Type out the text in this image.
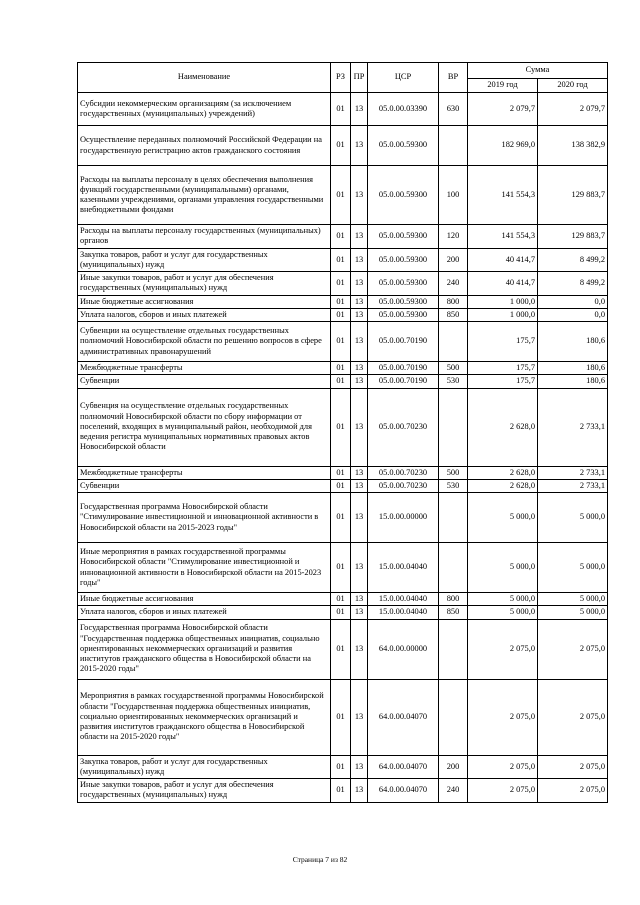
Наименование	РЗ	ПР	ЦСР	ВР	Сумма	
					2019 год	2020 год
Субсидии некоммерческим организациям (за исключением государственных (муниципальных) учреждений)	01	13	05.0.00.03390	630	2 079,7	2 079,7
Осуществление переданных полномочий Российской Федерации на государственную регистрацию актов гражданского состояния	01	13	05.0.00.59300		182 969,0	138 382,9
Расходы на выплаты персоналу в целях обеспечения выполнения функций государственными (муниципальными) органами, казенными учреждениями, органами управления государственными внебюджетными фондами	01	13	05.0.00.59300	100	141 554,3	129 883,7
Расходы на выплаты персоналу государственных (муниципальных) органов	01	13	05.0.00.59300	120	141 554,3	129 883,7
Закупка товаров, работ и услуг для государственных (муниципальных) нужд	01	13	05.0.00.59300	200	40 414,7	8 499,2
Иные закупки товаров, работ и услуг для обеспечения государственных (муниципальных) нужд	01	13	05.0.00.59300	240	40 414,7	8 499,2
Иные бюджетные ассигнования	01	13	05.0.00.59300	800	1 000,0	0,0
Уплата налогов, сборов и иных платежей	01	13	05.0.00.59300	850	1 000,0	0,0
Субвенции на осуществление отдельных государственных полномочий Новосибирской области по решению вопросов в сфере административных правонарушений	01	13	05.0.00.70190		175,7	180,6
Межбюджетные трансферты	01	13	05.0.00.70190	500	175,7	180,6
Субвенции	01	13	05.0.00.70190	530	175,7	180,6
Субвенция на осуществление отдельных государственных полномочий Новосибирской области по сбору информации от поселений, входящих в муниципальный район, необходимой для ведения регистра муниципальных нормативных правовых актов Новосибирской области	01	13	05.0.00.70230		2 628,0	2 733,1
Межбюджетные трансферты	01	13	05.0.00.70230	500	2 628,0	2 733,1
Субвенции	01	13	05.0.00.70230	530	2 628,0	2 733,1
Государственная программа Новосибирской области "Стимулирование инвестиционной и инновационной активности в Новосибирской области на 2015-2023 годы"	01	13	15.0.00.00000		5 000,0	5 000,0
Иные мероприятия в рамках государственной программы Новосибирской области "Стимулирование инвестиционной и инновационной активности в Новосибирской области на 2015-2023 годы"	01	13	15.0.00.04040		5 000,0	5 000,0
Иные бюджетные ассигнования	01	13	15.0.00.04040	800	5 000,0	5 000,0
Уплата налогов, сборов и иных платежей	01	13	15.0.00.04040	850	5 000,0	5 000,0
Государственная программа Новосибирской области "Государственная поддержка общественных инициатив, социально ориентированных некоммерческих организаций и развития институтов гражданского общества в Новосибирской области на 2015-2020 годы"	01	13	64.0.00.00000		2 075,0	2 075,0
Мероприятия в рамках государственной программы Новосибирской области "Государственная поддержка общественных инициатив, социально ориентированных некоммерческих организаций и развития институтов гражданского общества в Новосибирской области на 2015-2020 годы"	01	13	64.0.00.04070		2 075,0	2 075,0
Закупка товаров, работ и услуг для государственных (муниципальных) нужд	01	13	64.0.00.04070	200	2 075,0	2 075,0
Иные закупки товаров, работ и услуг для обеспечения государственных (муниципальных) нужд	01	13	64.0.00.04070	240	2 075,0	2 075,0
Страница 7 из 82
